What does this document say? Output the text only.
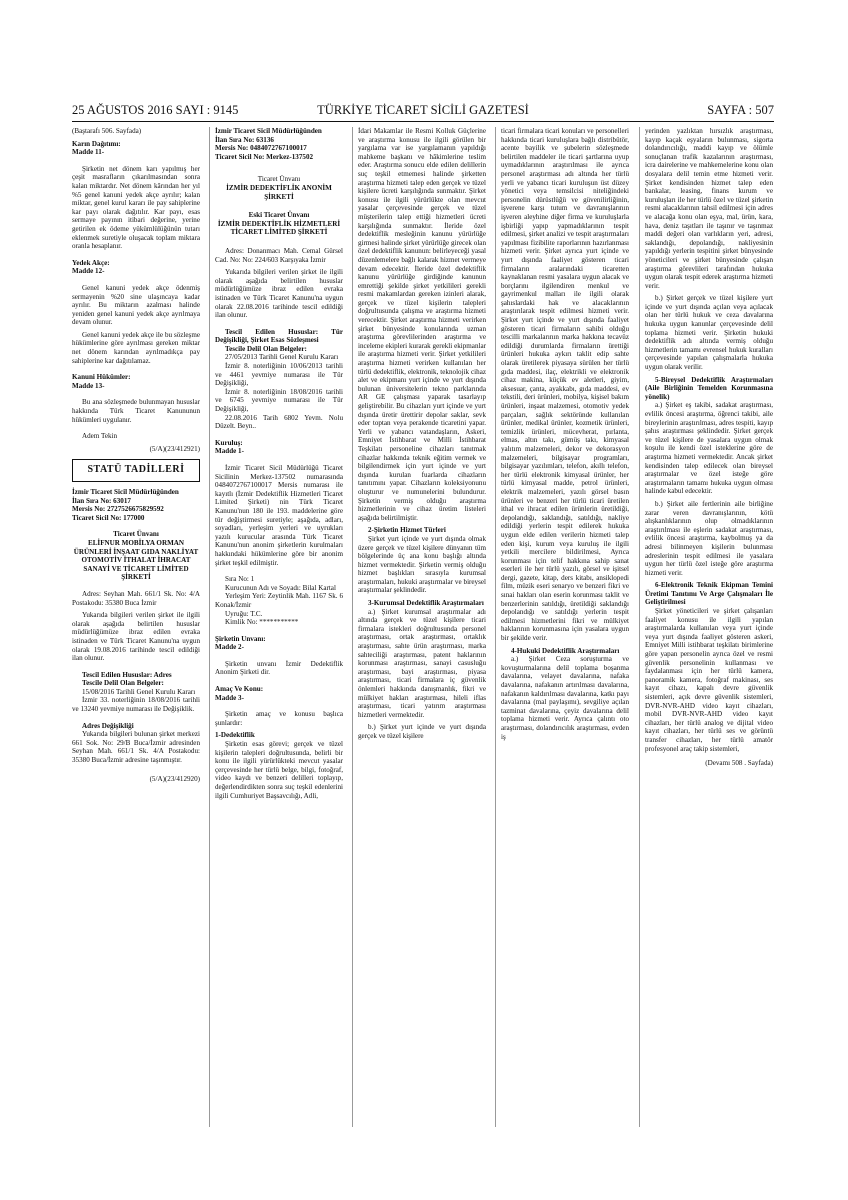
25 AĞUSTOS 2016 SAYI : 9145	TÜRKİYE TİCARET SİCİLİ GAZETESİ	SAYFA : 507

(Baştarafı 506. Sayfada)

Karın Dağıtımı:

Madde 11-

Şirketin net dönem karı yapılmış her çeşit masrafların çıkarılmasından sonra kalan miktardır. Net dönem kârından her yıl %5 genel kanuni yedek akçe ayrılır; kalan miktar, genel kurul kararı ile pay sahiplerine kar payı olarak dağıtılır. Kar payı, esas sermaye payının itibari değerine, yerine getirilen ek ödeme yükümlülüğünün tutarı eklenmek suretiyle oluşacak toplam miktara oranla hesaplanır.

Yedek Akçe:

Madde 12-

Genel kanuni yedek akçe ödenmiş sermayenin %20 sine ulaşıncaya kadar ayrılır. Bu miktarın azalması halinde yeniden genel kanuni yedek akçe ayrılmaya devam olunur.

Genel kanuni yedek akçe ile bu sözleşme hükümlerine göre ayrılması gereken miktar net dönem karından ayrılmadıkça pay sahiplerine kar dağıtılamaz.

Kanuni Hükümler:

Madde 13-

Bu ana sözleşmede bulunmayan hususlar hakkında Türk Ticaret Kanununun hükümleri uygulanır.

Adem Tekin

(5/A)(23/412921)

STATÜ TADİLLERİ

İzmir Ticaret Sicil Müdürlüğünden

İlan Sıra No: 63017

Mersis No: 2727526675829592

Ticaret Sicil No: 177000

Ticaret Ünvanı

ELİFNUR MOBİLYA ORMAN ÜRÜNLERİ İNŞAAT GIDA NAKLİYAT OTOMOTİV İTHALAT İHRACAT SANAYİ VE TİCARET LİMİTED ŞİRKETİ

Adres: Seyhan Mah. 661/1 Sk. No: 4/A Postakodu: 35380 Buca İzmir

Yukarıda bilgileri verilen şirket ile ilgili olarak aşağıda belirtilen hususlar müdürlüğümüze ibraz edilen evraka istinaden ve Türk Ticaret Kanunu'na uygun olarak 19.08.2016 tarihinde tescil edildiği ilan olunur.

Tescil Edilen Hususlar: Adres

Tescile Delil Olan Belgeler:

15/08/2016 Tarihli Genel Kurulu Kararı

İzmir 33. noterliğinin 18/08/2016 tarihli ve 13240 yevmiye numarası ile Değişiklik.

Adres Değişikliği

Yukarıda bilgileri bulunan şirket merkezi 661 Sok. No: 29/B Buca/İzmir adresinden Seyhan Mah. 661/1 Sk. 4/A Postakodu: 35380 Buca/İzmir adresine taşınmıştır.

(5/A)(23/412920)

İzmir Ticaret Sicil Müdürlüğünden

İlan Sıra No: 63136

Mersis No: 0484072767100017

Ticaret Sicil No: Merkez-137502

Ticaret Ünvanı

İZMİR DEDEKTİFLİK ANONİM ŞİRKETİ

Eski Ticaret Ünvanı

İZMİR DEDEKTİFLİK HİZMETLERİ TİCARET LİMİTED ŞİRKETİ

Adres: Donanmacı Mah. Cemal Gürsel Cad. No: No: 224/603 Karşıyaka İzmir

Yukarıda bilgileri verilen şirket ile ilgili olarak aşağıda belirtilen hususlar müdürlüğümüze ibraz edilen evraka istinaden ve Türk Ticaret Kanunu'na uygun olarak 22.08.2016 tarihinde tescil edildiği ilan olunur.

Tescil Edilen Hususlar: Tür Değişikliği, Şirket Esas Sözleşmesi

Tescile Delil Olan Belgeler:

27/05/2013 Tarihli Genel Kurulu Kararı

İzmir 8. noterliğinin 10/06/2013 tarihli ve 4461 yevmiye numarası ile Tür Değişikliği,

İzmir 8. noterliğinin 18/08/2016 tarihli ve 6745 yevmiye numarası ile Tür Değişikliği,

22.08.2016 Tarih 6802 Yevm. Nolu Düzelt. Beyn..

Kuruluş:

Madde 1-

İzmir Ticaret Sicil Müdürlüğü Ticaret Sicilinin Merkez-137502 numarasında 0484072767100017 Mersis numarası ile kayıtlı (İzmir Dedektiflik Hizmetleri Ticaret Limited Şirketi) nin Türk Ticaret Kanunu'nun 180 ile 193. maddelerine göre tür değiştirmesi suretiyle; aşağıda, adları, soyadları, yerleşim yerleri ve uyrukları yazılı kurucular arasında Türk Ticaret Kanunu'nun anonim şirketlerin kurulmaları hakkındaki hükümlerine göre bir anonim şirket teşkil edilmiştir.

Sıra No: 1

Kurucunun Adı ve Soyadı: Bilal Kartal

Yerleşim Yeri: Zeytinlik Mah. 1167 Sk. 6 Konak/İzmir

Uyruğu: T.C.

Kimlik No: ***********

Şirketin Unvanı:

Madde 2-

Şirketin unvanı İzmir Dedektiflik Anonim Şirketi dir.

Amaç Ve Konu:

Madde 3-

Şirketin amaç ve konusu başlıca şunlardır:

1-Dedektiflik

Şirketin esas görevi; gerçek ve tüzel kişilerin talepleri doğrultusunda, belirli bir konu ile ilgili yürürlükteki mevcut yasalar çerçevesinde her türlü belge, bilgi, fotoğraf, video kaydı ve benzeri delilleri toplayıp, değerlendirdikten sonra suç teşkil edenlerini ilgili Cumhuriyet Başsavcılığı, Adli,

İdari Makamlar ile Resmi Kolluk Güçlerine ve araştırma konusu ile ilgili görülen bir yargılama var ise yargılamanın yapıldığı mahkeme başkanı ve hâkimlerine teslim eder. Araştırma sonucu elde edilen delillerin suç teşkil etmemesi halinde şirketten araştırma hizmeti talep eden gerçek ve tüzel kişilere ücreti karşılığında sunmaktır. Şirket konusu ile ilgili yürürlükte olan mevcut yasalar çerçevesinde gerçek ve tüzel müşterilerin talep ettiği hizmetleri ücreti karşılığında sunmaktır. İleride özel dedektiflik mesleğinin kanunu yürürlüğe girmesi halinde şirket yürürlüğe girecek olan özel dedektiflik kanunun: belirleyeceği yasal düzenlemelere bağlı kalarak hizmet vermeye devam edecektir. İleride özel dedektiflik kanunu yürürlüğe girdiğinde kanunun emrettiği şekilde şirket yetkilileri gerekli resmi makamlardan gereken izinleri alarak, gerçek ve tüzel kişilerin talepleri doğrultusunda çalışma ve araştırma hizmeti verecektir. Şirket araştırma hizmeti verirken şirket bünyesinde konularında uzman araştırma görevlilerinden araştırma ve inceleme ekipleri kurarak gerekli ekipmanlar ile araştırma hizmeti verir. Şirket yetkilileri araştırma hizmeti verirken kullanılan her türlü dedektiflik, elektronik, teknolojik cihaz alet ve ekipmanı yurt içinde ve yurt dışında bulunan üniversitelerin tekno parklarında AR GE çalışması yaparak tasarlayıp geliştirebilir. Bu cihazları yurt içinde ve yurt dışında üretir ürettirir depolar saklar, sevk eder toptan veya perakende ticaretini yapar. Yerli ve yabancı vatandaşların, Askeri, Emniyet İstihbarat ve Milli İstihbarat Teşkilatı personeline cihazları tanıtmak cihazlar hakkında teknik eğitim vermek ve bilgilendirmek için yurt içinde ve yurt dışında kurulan fuarlarda cihazların tanıtımını yapar. Cihazların koleksiyonunu oluşturur ve numunelerini bulundurur. Şirketin vermiş olduğu araştırma hizmetlerinin ve cihaz üretim listeleri aşağıda belirtilmiştir.

2-Şirketin Hizmet Türleri

Şirket yurt içinde ve yurt dışında olmak üzere gerçek ve tüzel kişilere dünyanın tüm bölgelerinde üç ana konu başlığı altında hizmet vermektedir. Şirketin vermiş olduğu hizmet başlıkları sırasıyla kurumsal araştırmaları, hukuki araştırmalar ve bireysel araştırmalar şeklindedir.

3-Kurumsal Dedektiflik Araştırmaları

a.) Şirket kurumsal araştırmalar adı altında gerçek ve tüzel kişilere ticari firmalara istekleri doğrultusunda personel araştırması, ortak araştırması, ortaklık araştırması, sahte ürün araştırması, marka sahteciliği araştırması, patent haklarının korunması araştırması, sanayi casusluğu araştırması, bayi araştırması, piyasa araştırması, ticari firmalara iç güvenlik önlemleri hakkında danışmanlık, fikri ve mülkiyet hakları araştırması, hileli iflas araştırması, ticari yatırım araştırması hizmetleri vermektedir.

b.) Şirket yurt içinde ve yurt dışında gerçek ve tüzel kişilere

ticari firmalara ticari konuları ve personelleri hakkında ticari kuruluşlara bağlı distribütör, acente bayilik ve şubelerin sözleşmede belirtilen maddeler ile ticari şartlarına uyup uymadıklarının araştırılması ile ayrıca personel araştırması adı altında her türlü yerli ve yabancı ticari kuruluşun üst düzey yönetici veya temsilcisi niteliğindeki personelin dürüstlüğü ve güvenilirliğinin, işverene karşı tutum ve davranışlarının işveren aleyhine diğer firma ve kuruluşlarla işbirliği yapıp yapmadıklarının tespit edilmesi, şirket analizi ve tespit araştırmaları yapılması fizibilite raporlarının hazırlanması hizmeti verir. Şirket ayrıca yurt içinde ve yurt dışında faaliyet gösteren ticari firmaların aralarındaki ticaretten kaynaklanan resmi yasalara uygun alacak ve borçlarını ilgilendiren menkul ve gayrimenkul malları ile ilgili olarak şahıslardaki hak ve alacaklarının araştırılarak tespit edilmesi hizmeti verir. Şirket yurt içinde ve yurt dışında faaliyet gösteren ticari firmaların sahibi olduğu tescilli markalarının marka hakkına tecavüz edildiği durumlarda firmaların ürettiği ürünleri hukuka aykırı taklit edip sahte olarak üretilerek piyasaya sürülen her türlü gıda maddesi, ilaç, elektrikli ve elektronik cihaz makina, küçük ev aletleri, giyim, aksesuar, çanta, ayakkabı, gıda maddesi, ev tekstili, deri ürünleri, mobilya, kişisel bakım ürünleri, inşaat malzemesi, otomotiv yedek parçaları, sağlık sektöründe kullanılan ürünler, medikal ürünler, kozmetik ürünleri, temizlik ürünleri, mücevherat, pırlanta, elmas, altın takı, gümüş takı, kimyasal yalıtım malzemeleri, dekor ve dekorasyon malzemeleri, bilgisayar programları, bilgisayar yazılımları, telefon, akıllı telefon, her türlü elektronik kimyasal ürünler, her türlü kimyasal madde, petrol ürünleri, elektrik malzemeleri, yazılı görsel basın ürünleri ve benzeri her türlü ticari üretilen ithal ve ihracat edilen ürünlerin üretildiği, depolandığı, saklandığı, satıldığı, nakliye edildiği yerlerin tespit edilerek hukuka uygun elde edilen verilerin hizmeti talep eden kişi, kurum veya kuruluş ile ilgili yetkili mercilere bildirilmesi, Ayrıca korunması için telif hakkına sahip sanat eserleri ile her türlü yazılı, görsel ve işitsel dergi, gazete, kitap, ders kitabı, ansiklopedi film, müzik eseri senaryo ve benzeri fikri ve sınai hakları olan eserin korunması taklit ve benzerlerinin satıldığı, üretildiği saklandığı depolandığı ve satıldığı yerlerin tespit edilmesi hizmetlerini fikri ve mülkiyet haklarının korunmasına için yasalara uygun bir şekilde verir.

4-Hukuki Dedektiflik Araştırmaları

a.) Şirket Ceza soruşturma ve kovuşturmalarına delil toplama boşanma davalarına, velayet davalarına, nafaka davalarına, nafakanın artırılması davalarına, nafakanın kaldırılması davalarına, katkı payı davalarına (mal paylaşımı), sevgiliye açılan tazminat davalarına, çeyiz davalarına delil toplama hizmeti verir. Ayrıca çalıntı oto araştırması, dolandırıcılık araştırması, evden iş

yerinden yazlıktan hırsızlık araştırması, kayıp kaçak eşyaların bulunması, sigorta dolandırıcılığı, maddi kayıp ve ölümle sonuçlanan trafik kazalarının araştırması, icra dairelerine ve mahkemelerine konu olan dosyalara delil temin etme hizmeti verir. Şirket kendisinden hizmet talep eden bankalar, leasing, finans kurum ve kuruluşları ile her türlü özel ve tüzel şirketin resmi alacaklarının tahsil edilmesi için adres ve alacağa konu olan eşya, mal, ürün, kara, hava, deniz taşıtları ile taşınır ve taşınmaz maddi değeri olan varlıkların yeri, adresi, saklandığı, depolandığı, nakliyesinin yapıldığı yerlerin tespitini şirket bünyesinde yöneticileri ve şirket bünyesinde çalışan araştırma görevlileri tarafından hukuka uygun olarak tespit ederek araştırma hizmeti verir.

b.) Şirket gerçek ve tüzel kişilere yurt içinde ve yurt dışında açılan veya açılacak olan her türlü hukuk ve ceza davalarına hukuka uygun kanunlar çerçevesinde delil toplama hizmeti verir. Şirketin hukuki dedektiflik adı altında vermiş olduğu hizmetlerin tamamı evrensel hukuk kuralları çerçevesinde yapılan çalışmalarla hukuka uygun olarak verilir.

5-Bireysel Dedektiflik Araştırmaları (Aile Birliğinin Temelden Korunmasına yönelik)

a.) Şirket eş takibi, sadakat araştırması, evlilik öncesi araştırma, öğrenci takibi, aile bireylerinin araştırılması, adres tespiti, kayıp şahıs araştırması şeklindedir. Şirket gerçek ve tüzel kişilere de yasalara uygun olmak koşulu ile kendi özel isteklerine göre de araştırma hizmeti vermektedir. Ancak şirket kendisinden talep edilecek olan bireysel araştırmalar ve özel isteğe göre araştırmaların tamamı hukuka uygun olması halinde kabul edecektir.

b.) Şirket aile fertlerinin aile birliğine zarar veren davranışlarının, kötü alışkanlıklarının olup olmadıklarının araştırılması ile eşlerin sadakat araştırması, evlilik öncesi araştırma, kaybolmuş ya da adresi bilinmeyen kişilerin bulunması adreslerinin tespit edilmesi ile yasalara uygun her türlü özel isteğe göre araştırma hizmeti verir.

6-Elektronik Teknik Ekipman Temini Üretimi Tanıtımı Ve Arge Çalışmaları İle Geliştirilmesi

Şirket yöneticileri ve şirket çalışanları faaliyet konusu ile ilgili yapılan araştırmalarda kullanılan veya yurt içinde veya yurt dışında faaliyet gösteren askeri, Emniyet Milli istihbarat teşkilatı birimlerine göre yapan personelin ayrıca özel ve resmi güvenlik personelinin kullanması ve faydalanması için her türlü kamera, panoramik kamera, fotoğraf makinası, ses kayıt cihazı, kapalı devre güvenlik sistemleri, açık devre güvenlik sistemleri, DVR-NVR-AHD video kayıt cihazları, mobil DVR-NVR-AHD video kayıt cihazları, her türlü analog ve dijital video kayıt cihazları, her türlü ses ve görüntü transfer cihazları, her türlü amatör profesyonel araç takip sistemleri,

(Devamı 508 . Sayfada)
